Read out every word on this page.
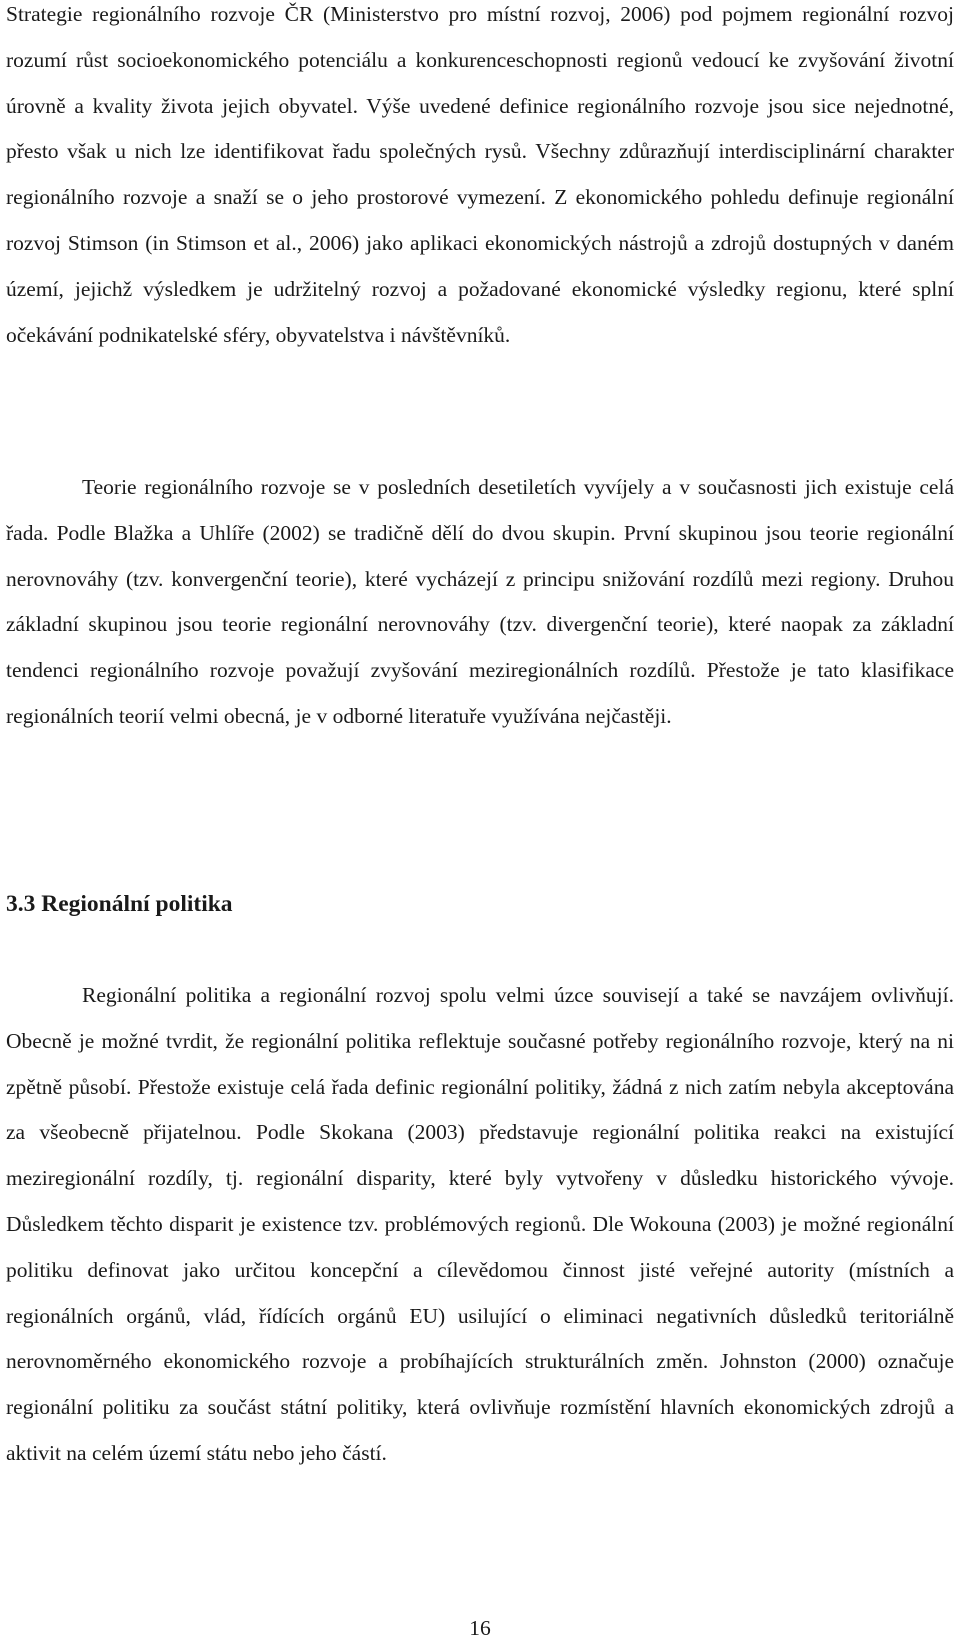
Strategie regionálního rozvoje ČR (Ministerstvo pro místní rozvoj, 2006) pod pojmem regionální rozvoj rozumí růst socioekonomického potenciálu a konkurenceschopnosti regionů vedoucí ke zvyšování životní úrovně a kvality života jejich obyvatel. Výše uvedené definice regionálního rozvoje jsou sice nejednotné, přesto však u nich lze identifikovat řadu společných rysů. Všechny zdůrazňují interdisciplinární charakter regionálního rozvoje a snaží se o jeho prostorové vymezení. Z ekonomického pohledu definuje regionální rozvoj Stimson (in Stimson et al., 2006) jako aplikaci ekonomických nástrojů a zdrojů dostupných v daném území, jejichž výsledkem je udržitelný rozvoj a požadované ekonomické výsledky regionu, které splní očekávání podnikatelské sféry, obyvatelstva i návštěvníků.

Teorie regionálního rozvoje se v posledních desetiletích vyvíjely a v současnosti jich existuje celá řada. Podle Blažka a Uhlíře (2002) se tradičně dělí do dvou skupin. První skupinou jsou teorie regionální nerovnováhy (tzv. konvergenční teorie), které vycházejí z principu snižování rozdílů mezi regiony. Druhou základní skupinou jsou teorie regionální nerovnováhy (tzv. divergenční teorie), které naopak za základní tendenci regionálního rozvoje považují zvyšování meziregionálních rozdílů. Přestože je tato klasifikace regionálních teorií velmi obecná, je v odborné literatuře využívána nejčastěji.

3.3 Regionální politika

Regionální politika a regionální rozvoj spolu velmi úzce souvisejí a také se navzájem ovlivňují. Obecně je možné tvrdit, že regionální politika reflektuje současné potřeby regionálního rozvoje, který na ni zpětně působí. Přestože existuje celá řada definic regionální politiky, žádná z nich zatím nebyla akceptována za všeobecně přijatelnou. Podle Skokana (2003) představuje regionální politika reakci na existující meziregionální rozdíly, tj. regionální disparity, které byly vytvořeny v důsledku historického vývoje. Důsledkem těchto disparit je existence tzv. problémových regionů. Dle Wokouna (2003) je možné regionální politiku definovat jako určitou koncepční a cílevědomou činnost jisté veřejné autority (místních a regionálních orgánů, vlád, řídících orgánů EU) usilující o eliminaci negativních důsledků teritoriálně nerovnoměrného ekonomického rozvoje a probíhajících strukturálních změn. Johnston (2000) označuje regionální politiku za součást státní politiky, která ovlivňuje rozmístění hlavních ekonomických zdrojů a aktivit na celém území státu nebo jeho částí.

16
